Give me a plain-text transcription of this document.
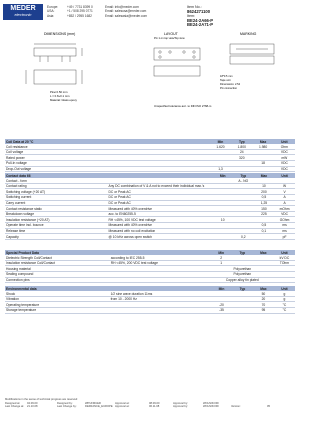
MEDER
electronic
Europe:	+49 / 7731 8399 0	Email: info@meder.com
USA:	+1 / 508 295 0771	Email: salesusa@meder.com
Asia:	+852 / 2955 1682	Email: salesasia@meder.com
Item No.:
8624271100
Item:
BE24-2A66-P
BE24-2A71-P
DIMENSIONS (mm)	LAYOUT
Pin 1 on top view/Top view
MARKING
Pinø 0.50 mm
L = 0.8+0.1 mm
Material: Glass epoxy
18*0.5 mm
Tape unit
Dimensions: 2.54
Pin connection
Unspecified tolerance acc. to DIN ISO 2768-m
Coil Data at 20 °C		Min	Typ	Max	Unit
Coil resistance		1.620	1.800	1.980	Ohm
Coil voltage			24		VDC
Rated power			320		mW
Pull-In voltage				18	VDC
Drop-Out voltage		1,3			VDC
Contact data 66		Min	Typ	Max	Unit
Contact - form			A - NO		
Contact rating	Any DC combination of V & A not to exceed their individual max.'s			10	W
Switching voltage (+20 AT)	DC or Peak AC			200	V
Switching current	DC or Peak AC			0,5	A
Carry current	DC or Peak AC			1,25	A
Contact resistance static	Measured with 40% overdrive			150	mOhm
Breakdown voltage	acc. to EN60255-5			225	VDC
Insulation resistance (+20 AT)	RH <45%, 100 VDC test voltage	10			GOhm
Operate time incl. bounce	Measured with 40% overdrive			0,5	ms
Release time	Measured with no coil excitation			0,1	ms
Capacity	@ 10 kHz across open switch		0,2		pF
Special Product Data		Min	Typ	Max	Unit
Dielectric Strength Coil/Contact	according to IEC 255-5	2			kV DC
Insulation resistance Coil/Contact	RH <45%, 200 VDC test voltage	1			TOhm
Housing material		Polyurethan			
Sealing compound		Polyurethan			
Connection pins		Copper alloy tin plated			
Environmental data		Min	Typ	Max	Unit
Shock	1/2 sine wave duration 11ms			50	g
Vibration	from 10 - 2000 Hz			20	g
Operating temperature		-20		70	°C
Storage temperature		-35		95	°C
Modifications in the sense of technical progress are reserved
Designed at:	04.09.00	Designed by:	WPUFMUER	Approval at:	08.09.00	Approval by:	WOLNIKOFF
Last Change at:	21.10.08	Last Change by:	DEFRANCE_EUROPE Approval at:	06.11.08	Approval by:	WOLNIKOFF	Version:	05
